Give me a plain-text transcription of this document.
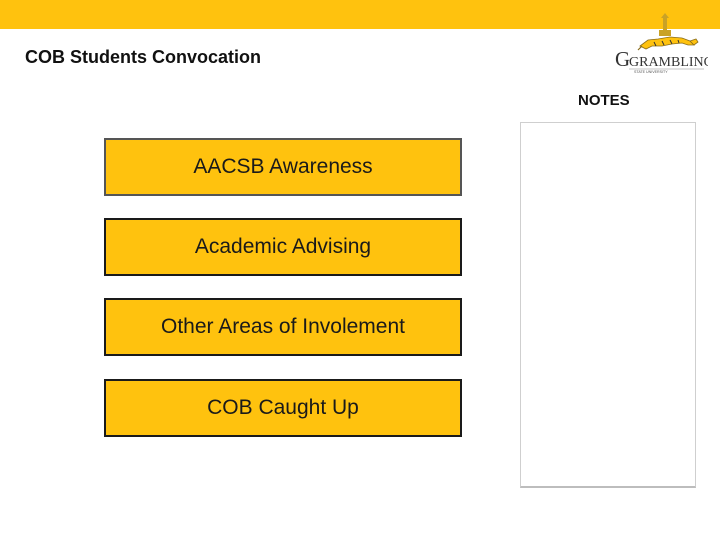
COB Students Convocation	G
GRAMBLING
STATE UNIVERSITY
NOTES
AACSB Awareness
Academic Advising
Other Areas of Involement
COB Caught Up
